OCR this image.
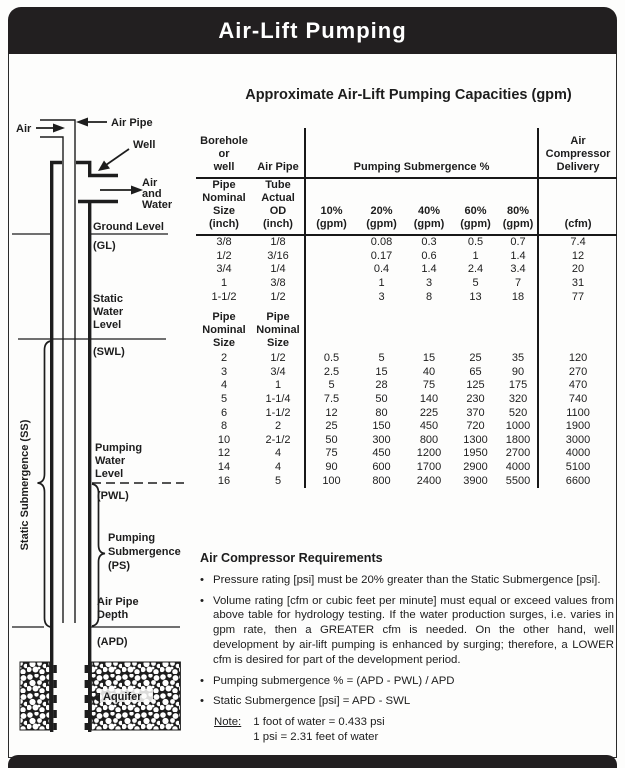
Air-Lift Pumping
Approximate Air-Lift Pumping Capacities (gpm)
Air	Air Pipe
Well
Air
and
Water
Ground Level
(GL)
Static
Water
Level
(SWL)
Static Submergence (SS)	Pumping
Water
Level
(PWL)
Pumping
Submergence
(PS)
Air Pipe
Depth
(APD)
Aquifer
Borehole
or
well	Air Pipe	Pumping Submergence %					Air
Compressor
Delivery
Pipe
Nominal
Size
(inch)	Tube
Actual
OD
(inch)	10%
(gpm)	20%
(gpm)	40%
(gpm)	60%
(gpm)	80%
(gpm)	(cfm)
3/8	1/8		0.08	0.3	0.5	0.7	7.4
1/2	3/16		0.17	0.6	1	1.4	12
3/4	1/4		0.4	1.4	2.4	3.4	20
1	3/8		1	3	5	7	31
1-1/2	1/2		3	8	13	18	77
Pipe
Nominal
Size	Pipe
Nominal
Size						
2	1/2	0.5	5	15	25	35	120
3	3/4	2.5	15	40	65	90	270
4	1	5	28	75	125	175	470
5	1-1/4	7.5	50	140	230	320	740
6	1-1/2	12	80	225	370	520	1100
8	2	25	150	450	720	1000	1900
10	2-1/2	50	300	800	1300	1800	3000
12	4	75	450	1200	1950	2700	4000
14	4	90	600	1700	2900	4000	5100
16	5	100	800	2400	3900	5500	6600
Air Compressor Requirements
• Pressure rating [psi] must be 20% greater than the Static Submergence [psi].
• Volume rating [cfm or cubic feet per minute] must equal or exceed values from above table for hydrology testing. If the water production surges, i.e. varies in gpm rate, then a GREATER cfm is needed. On the other hand, well development by air-lift pumping is enhanced by surging; therefore, a LOWER cfm is desired for part of the development period.
• Pumping submergence % = (APD - PWL) / APD
• Static Submergence [psi] = APD - SWL
Note: 1 foot of water = 0.433 psi
1 psi = 2.31 feet of water
